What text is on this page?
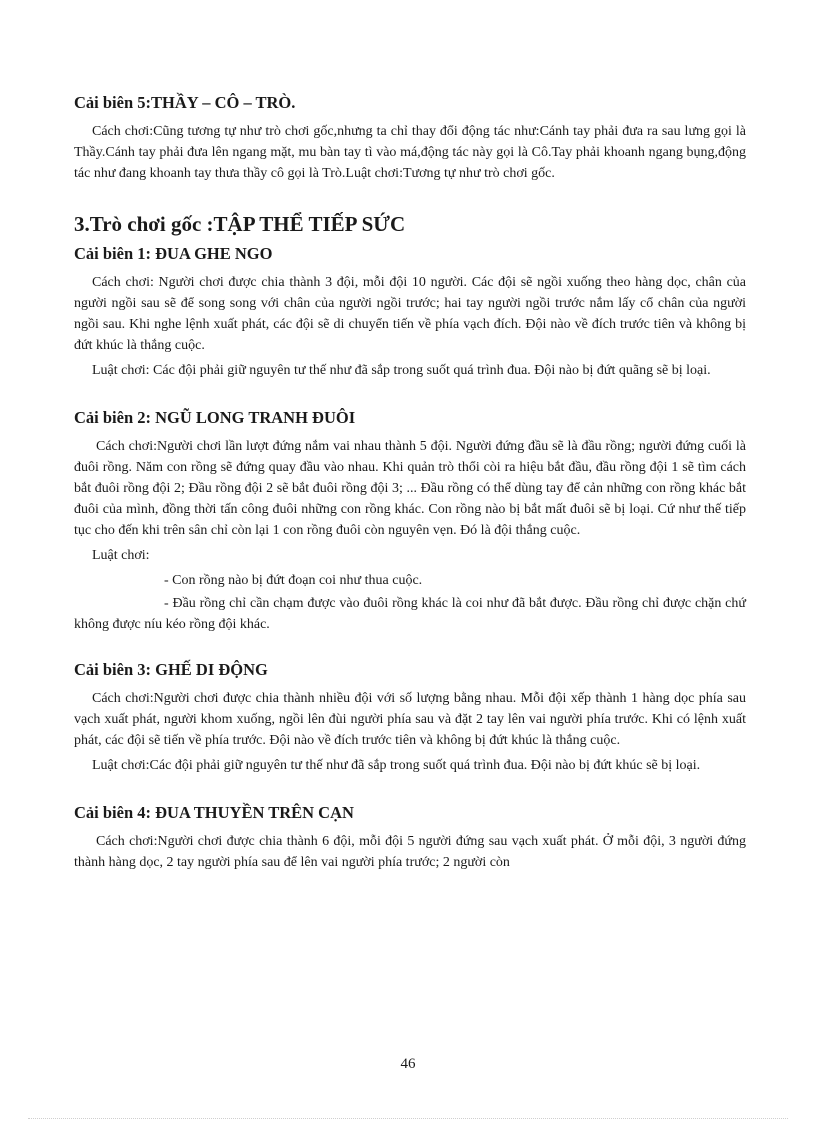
Cải biên 5:THẦY – CÔ – TRÒ.
Cách chơi:Cũng tương tự như trò chơi gốc,nhưng ta chỉ thay đổi động tác như:Cánh tay phải đưa ra sau lưng gọi là Thầy.Cánh tay phải đưa lên ngang mặt, mu bàn tay tì vào má,động tác này gọi là Cô.Tay phải khoanh ngang bụng,động tác như đang khoanh tay thưa thầy cô gọi là Trò.Luật chơi:Tương tự như trò chơi gốc.
3.Trò chơi gốc :TẬP THỂ TIẾP SỨC
Cải biên 1: ĐUA GHE NGO
Cách chơi: Người chơi được chia thành 3 đội, mỗi đội 10 người. Các đội sẽ ngồi xuống theo hàng dọc, chân của người ngồi sau sẽ để song song với chân của người ngồi trước; hai tay người ngồi trước nắm lấy cổ chân của người ngồi sau. Khi nghe lệnh xuất phát, các đội sẽ di chuyển tiến về phía vạch đích. Đội nào về đích trước tiên và không bị đứt khúc là thắng cuộc.
Luật chơi: Các đội phải giữ nguyên tư thế như đã sắp trong suốt quá trình đua. Đội nào bị đứt quãng sẽ bị loại.
Cải biên 2: NGŨ LONG TRANH ĐUÔI
Cách chơi:Người chơi lần lượt đứng nắm vai nhau thành 5 đội. Người đứng đầu sẽ là đầu rồng; người đứng cuối là đuôi rồng. Năm con rồng sẽ đứng quay đầu vào nhau. Khi quản trò thổi còi ra hiệu bắt đầu, đầu rồng đội 1 sẽ tìm cách bắt đuôi rồng đội 2; Đầu rồng đội 2 sẽ bắt đuôi rồng đội 3; ... Đầu rồng có thể dùng tay để cản những con rồng khác bắt đuôi của mình, đồng thời tấn công đuôi những con rồng khác. Con rồng nào bị bắt mất đuôi sẽ bị loại. Cứ như thế tiếp tục cho đến khi trên sân chỉ còn lại 1 con rồng đuôi còn nguyên vẹn. Đó là đội thắng cuộc.
Luật chơi:
- Con rồng nào bị đứt đoạn coi như thua cuộc.
- Đầu rồng chỉ cần chạm được vào đuôi rồng khác là coi như đã bắt được. Đầu rồng chỉ được chặn chứ không được níu kéo rồng đội khác.
Cải biên 3: GHẾ DI ĐỘNG
Cách chơi:Người chơi được chia thành nhiều đội với số lượng bằng nhau. Mỗi đội xếp thành 1 hàng dọc phía sau vạch xuất phát, người khom xuống, ngồi lên đùi người phía sau và đặt 2 tay lên vai người phía trước. Khi có lệnh xuất phát, các đội sẽ tiến về phía trước. Đội nào về đích trước tiên và không bị đứt khúc là thắng cuộc.
Luật chơi:Các đội phải giữ nguyên tư thế như đã sắp trong suốt quá trình đua. Đội nào bị đứt khúc sẽ bị loại.
Cải biên 4: ĐUA THUYỀN TRÊN CẠN
Cách chơi:Người chơi được chia thành 6 đội, mỗi đội 5 người đứng sau vạch xuất phát. Ở mỗi đội, 3 người đứng thành hàng dọc, 2 tay người phía sau để lên vai người phía trước; 2 người còn
46
